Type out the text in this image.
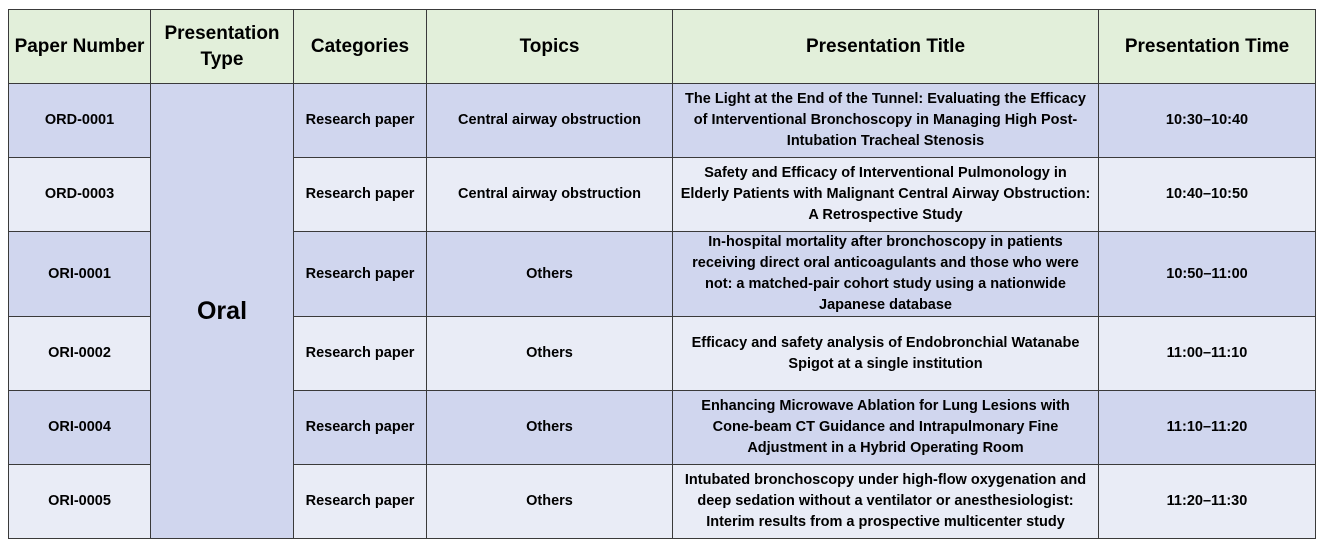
Paper Number	Presentation Type	Categories	Topics	Presentation Title	Presentation Time
ORD-0001	Oral	Research paper	Central airway obstruction	The Light at the End of the Tunnel: Evaluating the Efficacy of Interventional Bronchoscopy in Managing High Post-Intubation Tracheal Stenosis	10:30–10:40
ORD-0003		Research paper	Central airway obstruction	Safety and Efficacy of Interventional Pulmonology in Elderly Patients with Malignant Central Airway Obstruction: A Retrospective Study	10:40–10:50
ORI-0001		Research paper	Others	In-hospital mortality after bronchoscopy in patients receiving direct oral anticoagulants and those who were not: a matched-pair cohort study using a nationwide Japanese database	10:50–11:00
ORI-0002		Research paper	Others	Efficacy and safety analysis of Endobronchial Watanabe Spigot at a single institution	11:00–11:10
ORI-0004		Research paper	Others	Enhancing Microwave Ablation for Lung Lesions with Cone-beam CT Guidance and Intrapulmonary Fine Adjustment in a Hybrid Operating Room	11:10–11:20
ORI-0005		Research paper	Others	Intubated bronchoscopy under high-flow oxygenation and deep sedation without a ventilator or anesthesiologist: Interim results from a prospective multicenter study	11:20–11:30
